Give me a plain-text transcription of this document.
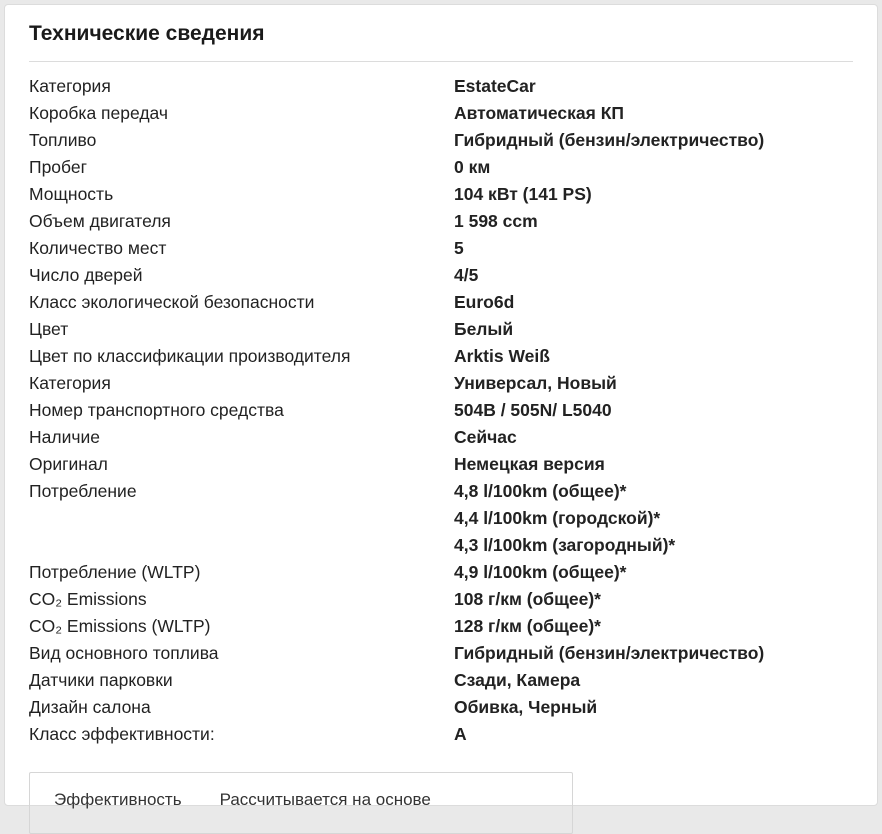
Технические сведения
Категория	EstateCar
Коробка передач	Автоматическая КП
Топливо	Гибридный (бензин/электричество)
Пробег	0 км
Мощность	104 кВт (141 PS)
Объем двигателя	1 598 ccm
Количество мест	5
Число дверей	4/5
Класс экологической безопасности	Euro6d
Цвет	Белый
Цвет по классификации производителя	Arktis Weiß
Категория	Универсал, Новый
Номер транспортного средства	504B / 505N/ L5040
Наличие	Сейчас
Оригинал	Немецкая версия
Потребление	4,8 l/100km (общее)*
4,4 l/100km (городской)*
4,3 l/100km (загородный)*
Потребление (WLTP)	4,9 l/100km (общее)*
CO₂ Emissions	108 г/км (общее)*
CO₂ Emissions (WLTP)	128 г/км (общее)*
Вид основного топлива	Гибридный (бензин/электричество)
Датчики парковки	Сзади, Камера
Дизайн салона	Обивка, Черный
Класс эффективности:	A
Эффективность Рассчитывается на основе
